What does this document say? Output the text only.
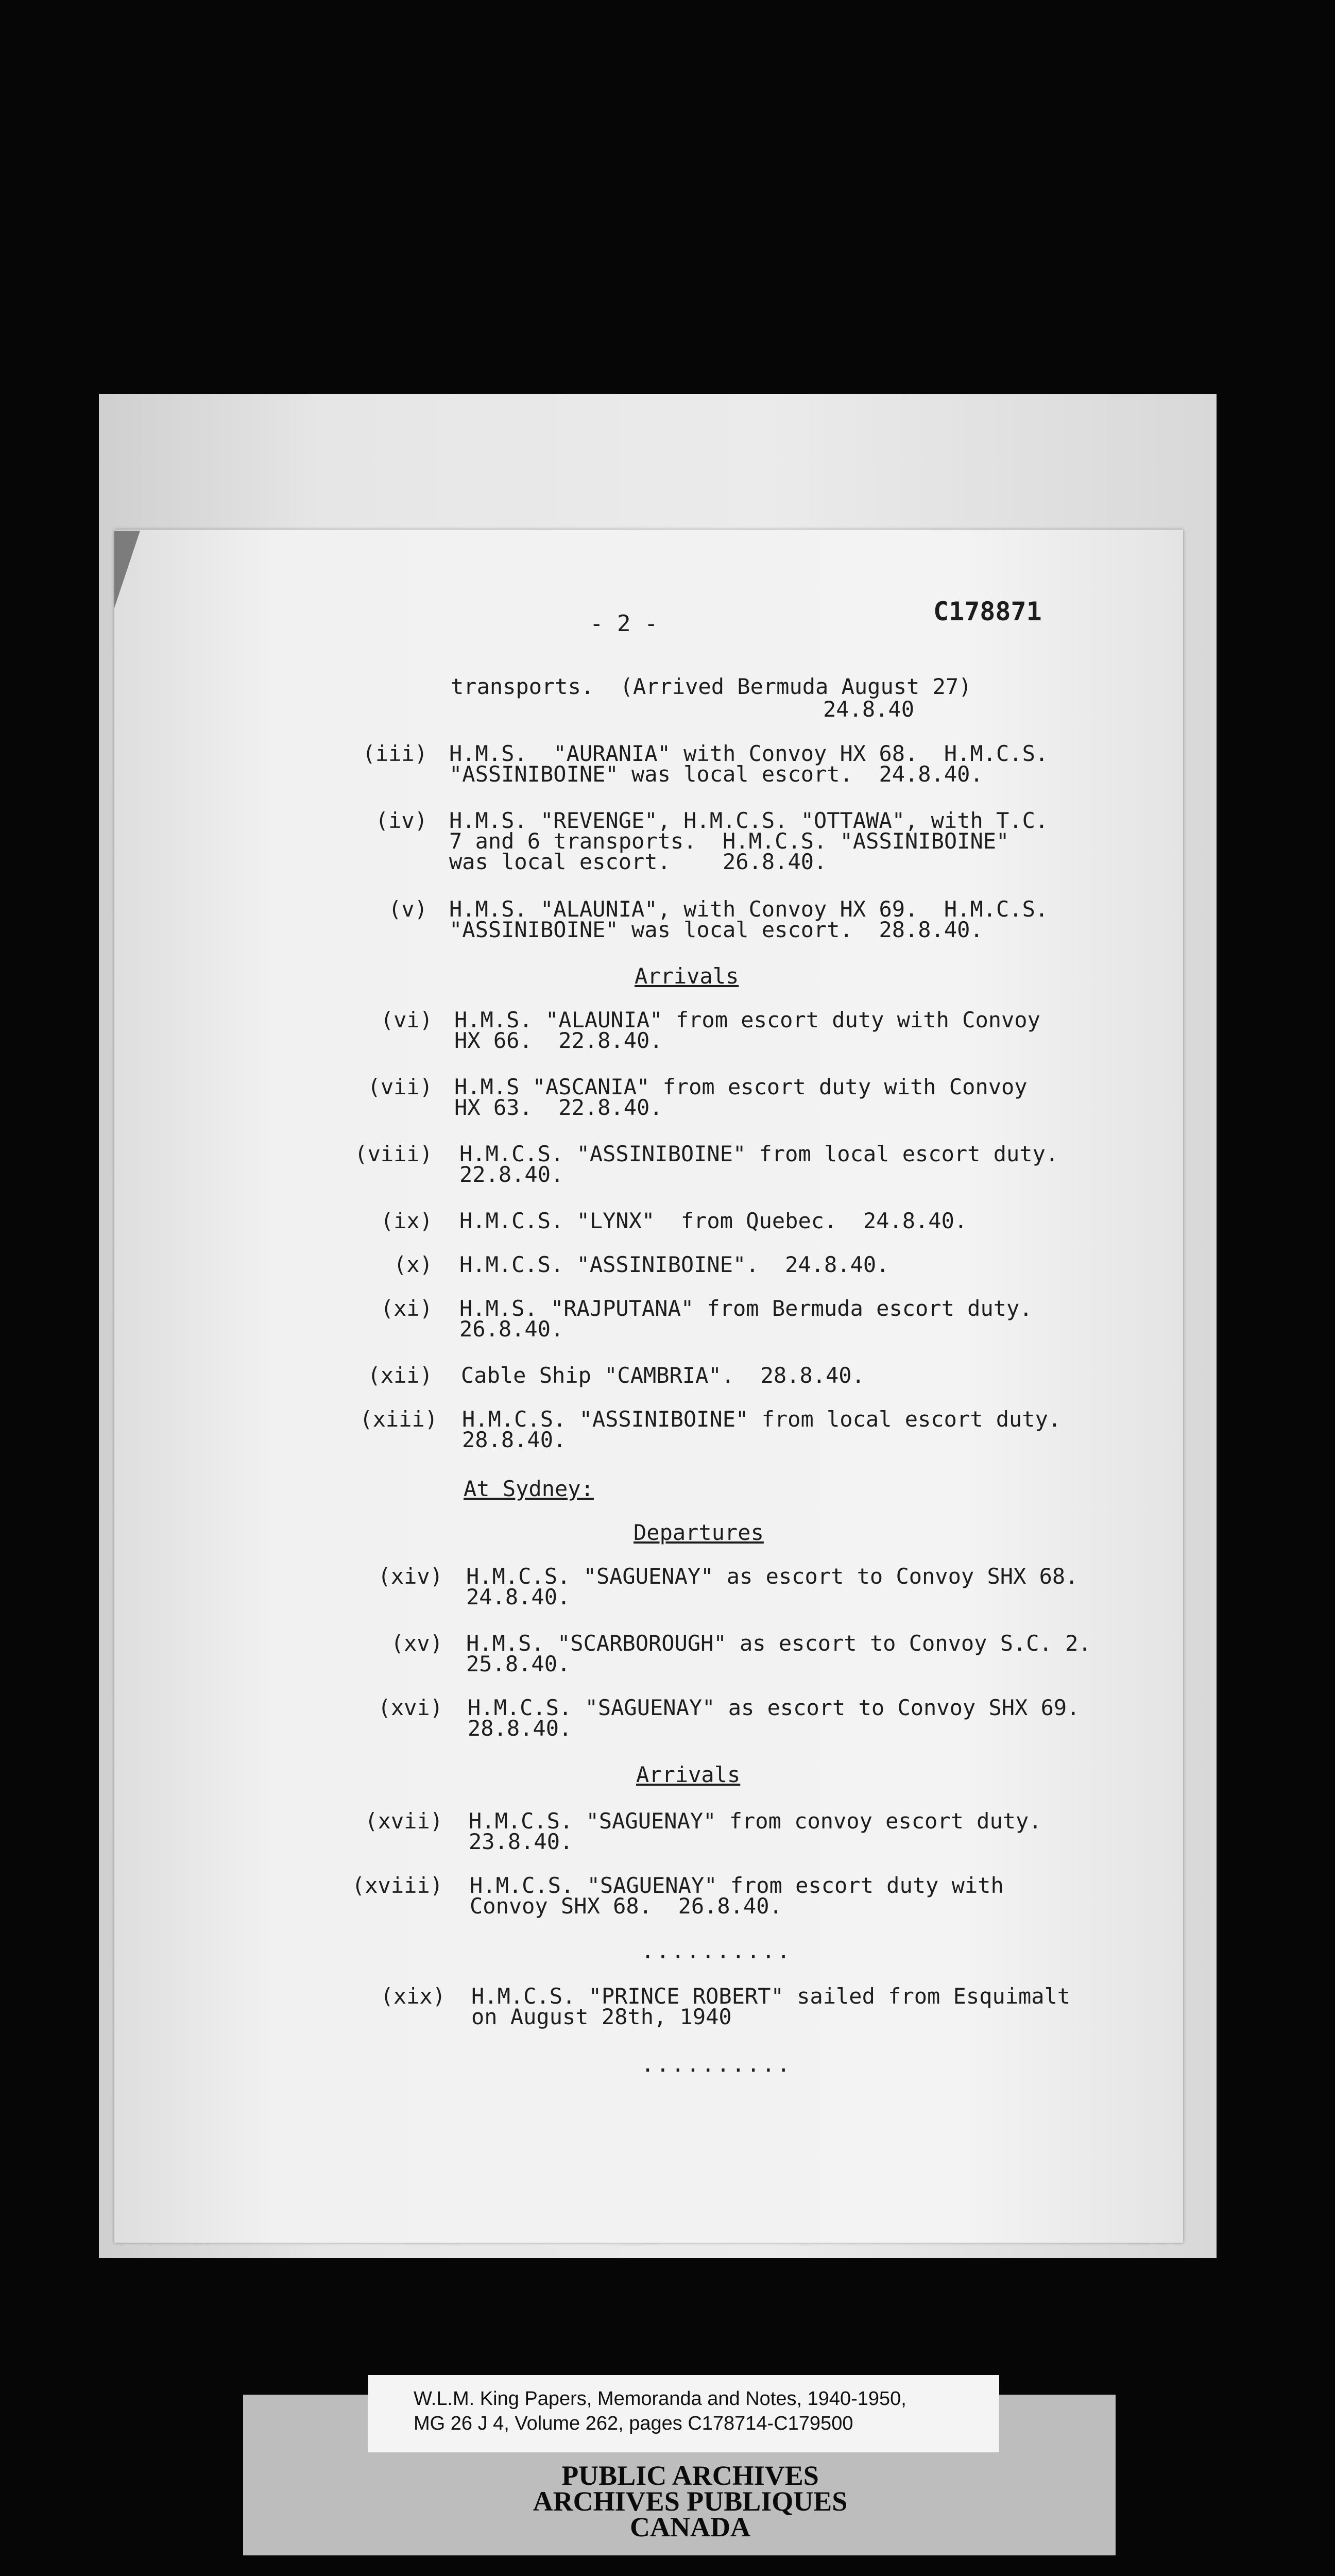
- 2 -	C178871
transports.  (Arrived Bermuda August 27)
24.8.40
(iii) H.M.S.  "AURANIA" with Convoy HX 68.  H.M.C.S.
"ASSINIBOINE" was local escort.  24.8.40.
(iv) H.M.S. "REVENGE", H.M.C.S. "OTTAWA", with T.C.
7 and 6 transports.  H.M.C.S. "ASSINIBOINE"
was local escort.    26.8.40.
(v) H.M.S. "ALAUNIA", with Convoy HX 69.  H.M.C.S.
"ASSINIBOINE" was local escort.  28.8.40.
Arrivals
(vi) H.M.S. "ALAUNIA" from escort duty with Convoy
HX 66.  22.8.40.
(vii) H.M.S "ASCANIA" from escort duty with Convoy
HX 63.  22.8.40.
(viii) H.M.C.S. "ASSINIBOINE" from local escort duty.
22.8.40.
(ix) H.M.C.S. "LYNX"  from Quebec.  24.8.40.
(x) H.M.C.S. "ASSINIBOINE".  24.8.40.
(xi) H.M.S. "RAJPUTANA" from Bermuda escort duty.
26.8.40.
(xii) Cable Ship "CAMBRIA".  28.8.40.
(xiii) H.M.C.S. "ASSINIBOINE" from local escort duty.
28.8.40.
At Sydney:
Departures
(xiv) H.M.C.S. "SAGUENAY" as escort to Convoy SHX 68.
24.8.40.
(xv) H.M.S. "SCARBOROUGH" as escort to Convoy S.C. 2.
25.8.40.
(xvi) H.M.C.S. "SAGUENAY" as escort to Convoy SHX 69.
28.8.40.
Arrivals
(xvii) H.M.C.S. "SAGUENAY" from convoy escort duty.
23.8.40.
(xviii) H.M.C.S. "SAGUENAY" from escort duty with
Convoy SHX 68.  26.8.40.
..........
(xix) H.M.C.S. "PRINCE ROBERT" sailed from Esquimalt
on August 28th, 1940
..........
W.L.M. King Papers, Memoranda and Notes, 1940-1950,
MG 26 J 4, Volume 262, pages C178714-C179500
PUBLIC ARCHIVES
ARCHIVES PUBLIQUES
CANADA
